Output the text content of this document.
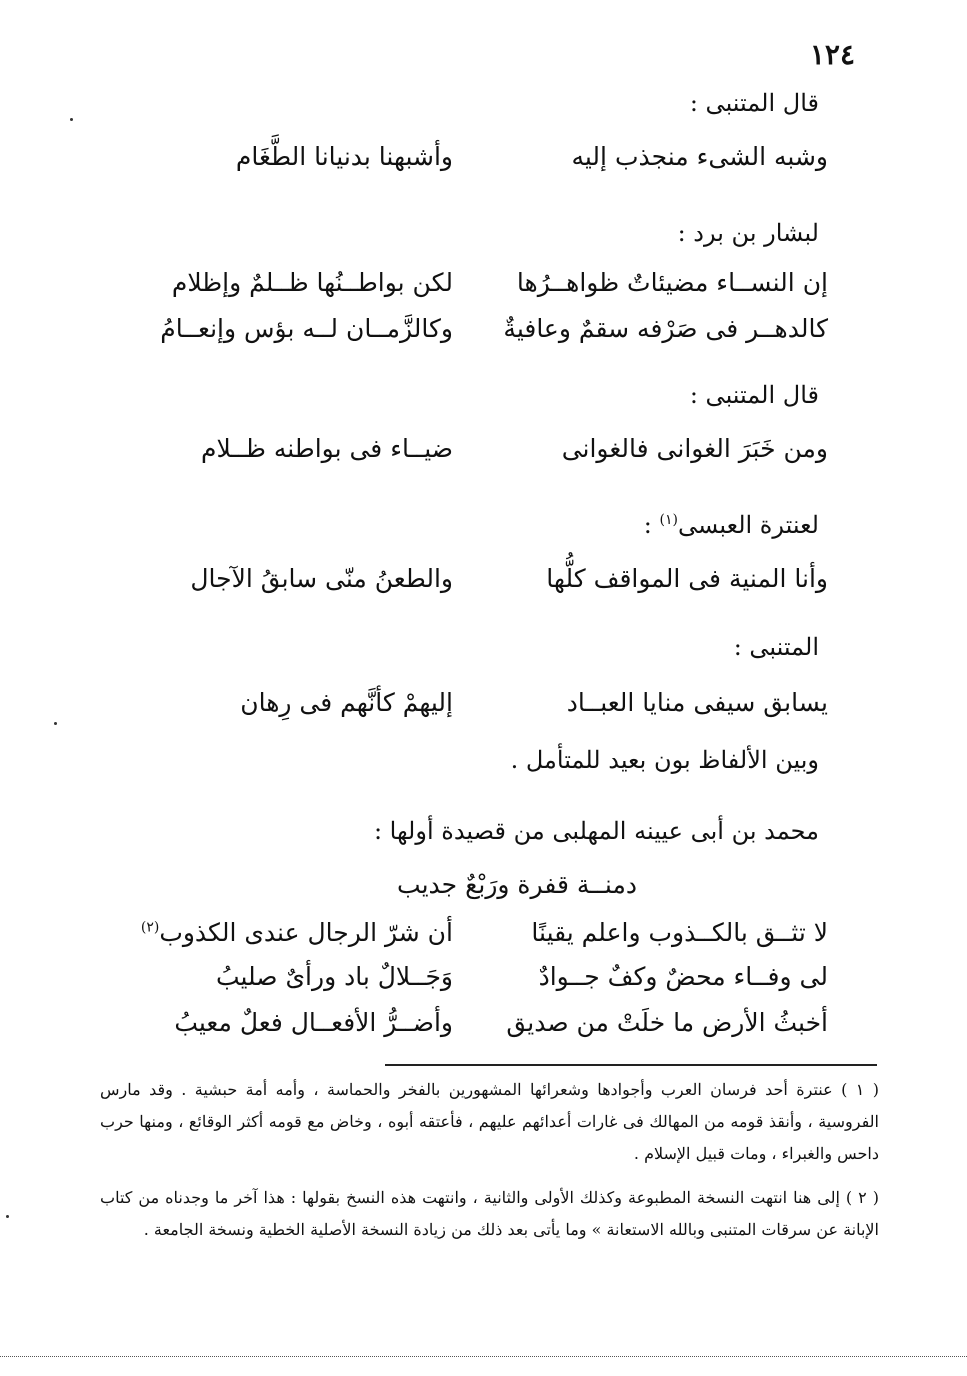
١٢٤
قال المتنبى :
وشبه الشىء منجذب إليه
وأشبهنا بدنيانا الطَّغَام
لبشار بن برد :
إن النســاء مضيئاتٌ ظواهــرُها
لكن بواطــنُها ظــلمٌ وإظلام
كالدهــر فى صَرْفه سقمٌ وعافيةٌ
وكالزَّمــان لــه بؤس وإنعــامُ
قال المتنبى :
ومن خَبَرَ الغوانى فالغوانى
ضيــاء فى بواطنه ظــلام
لعنترة العبسى$^{(١)}$ :
وأنا المنية فى المواقف كلُّها
والطعنُ منّى سابقُ الآجال
المتنبى :
يسابق سيفى منايا العبــاد
إليهمْ كأنَّهم فى رِهان
وبين الألفاظ بون بعيد للمتأمل .
محمد بن أبى عيينه المهلبى من قصيدة أولها :
دمنــة قفرة ورَبْعٌ جديب
لا تثــق بالكــذوب واعلم يقينًا
أن شرّ الرجال عندى الكذوب$^{(٢)}$
لى وفــاء محضٌ وكفٌ جــوادٌ
وَجَــلالٌ باد ورأىٌ صليبُ
أخبثُ الأرض ما خلَتْ من صديق
وأضــرُّ الأفعــال فعلٌ معيبُ
( ١ ) عنترة أحد فرسان العرب وأجوادها وشعرائها المشهورين بالفخر والحماسة ، وأمه أمة حبشية . وقد مارس الفروسية ، وأنقذ قومه من المهالك فى غارات أعدائهم عليهم ، فأعتقه أبوه ، وخاض مع قومه أكثر الوقائع ، ومنها حرب داحس والغبراء ، ومات قبيل الإسلام .
( ٢ ) إلى هنا انتهت النسخة المطبوعة وكذلك الأولى والثانية ، وانتهت هذه النسخ بقولها : هذا آخر ما وجدناه من كتاب الإبانة عن سرقات المتنبى وبالله الاستعانة » وما يأتى بعد ذلك من زيادة النسخة الأصلية الخطية ونسخة الجامعة .
